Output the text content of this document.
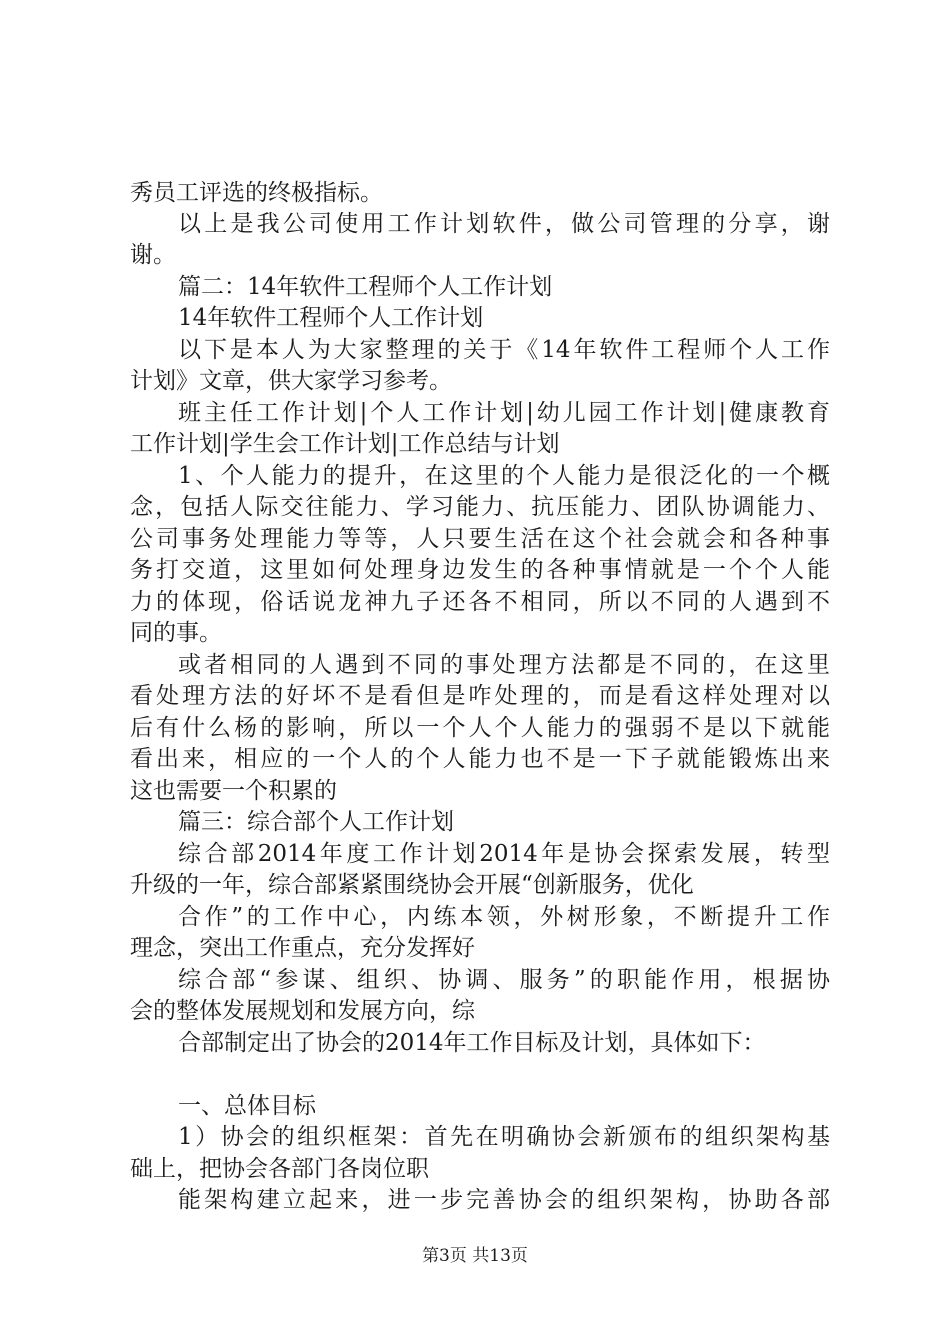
秀员工评选的终极指标。
以上是我公司使用工作计划软件，做公司管理的分享，谢
谢。
篇二：14年软件工程师个人工作计划
14年软件工程师个人工作计划
以下是本人为大家整理的关于《14年软件工程师个人工作
计划》文章，供大家学习参考。
班主任工作计划|个人工作计划|幼儿园工作计划|健康教育
工作计划|学生会工作计划|工作总结与计划
1、个人能力的提升，在这里的个人能力是很泛化的一个概
念，包括人际交往能力、学习能力、抗压能力、团队协调能力、
公司事务处理能力等等，人只要生活在这个社会就会和各种事
务打交道，这里如何处理身边发生的各种事情就是一个个人能
力的体现，俗话说龙神九子还各不相同，所以不同的人遇到不
同的事。
或者相同的人遇到不同的事处理方法都是不同的，在这里
看处理方法的好坏不是看但是咋处理的，而是看这样处理对以
后有什么杨的影响，所以一个人个人能力的强弱不是以下就能
看出来，相应的一个人的个人能力也不是一下子就能锻炼出来
这也需要一个积累的
篇三：综合部个人工作计划
综合部2014年度工作计划2014年是协会探索发展，转型
升级的一年，综合部紧紧围绕协会开展“创新服务，优化
合作”的工作中心，内练本领，外树形象，不断提升工作
理念，突出工作重点，充分发挥好
综合部“参谋、组织、协调、服务”的职能作用，根据协
会的整体发展规划和发展方向，综
合部制定出了协会的2014年工作目标及计划，具体如下：
一、总体目标
1）协会的组织框架：首先在明确协会新颁布的组织架构基
础上，把协会各部门各岗位职
能架构建立起来，进一步完善协会的组织架构，协助各部
第3页 共13页
